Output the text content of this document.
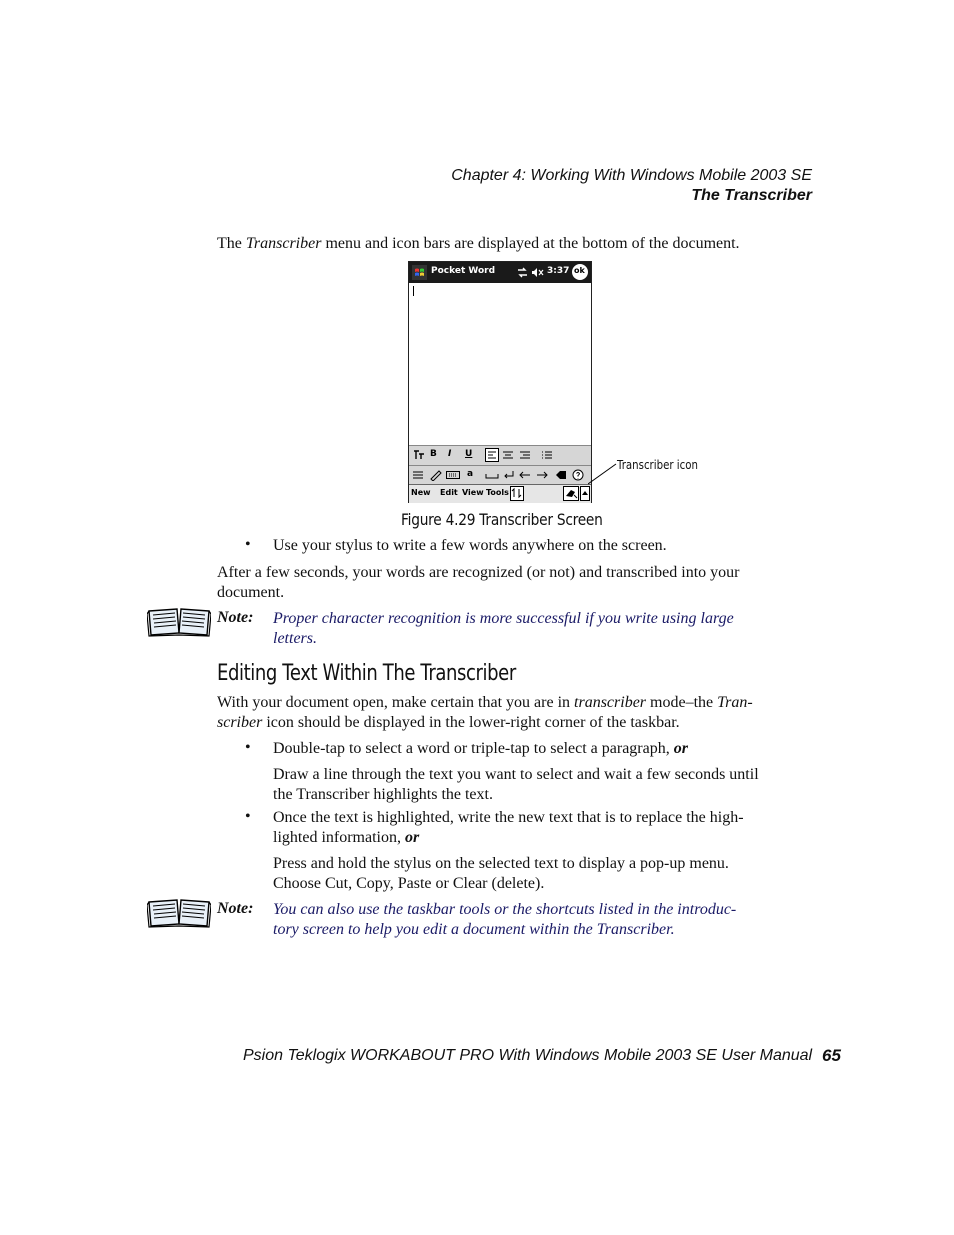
Chapter 4: Working With Windows Mobile 2003 SE
The Transcriber
The Transcriber menu and icon bars are displayed at the bottom of the document.
Pocket Word	3:37 ok
B I U
a
New Edit View Tools
Transcriber icon
Figure 4.29 Transcriber Screen
• Use your stylus to write a few words anywhere on the screen.
After a few seconds, your words are recognized (or not) and transcribed into your
document.
Note: Proper character recognition is more successful if you write using large
letters.
Editing Text Within The Transcriber
With your document open, make certain that you are in transcriber mode–the Tran-
scriber icon should be displayed in the lower-right corner of the taskbar.
• Double-tap to select a word or triple-tap to select a paragraph, or
Draw a line through the text you want to select and wait a few seconds until
the Transcriber highlights the text.
• Once the text is highlighted, write the new text that is to replace the high-
lighted information, or
Press and hold the stylus on the selected text to display a pop-up menu.
Choose Cut, Copy, Paste or Clear (delete).
Note: You can also use the taskbar tools or the shortcuts listed in the introduc-
tory screen to help you edit a document within the Transcriber.
Psion Teklogix WORKABOUT PRO With Windows Mobile 2003 SE User Manual 65
